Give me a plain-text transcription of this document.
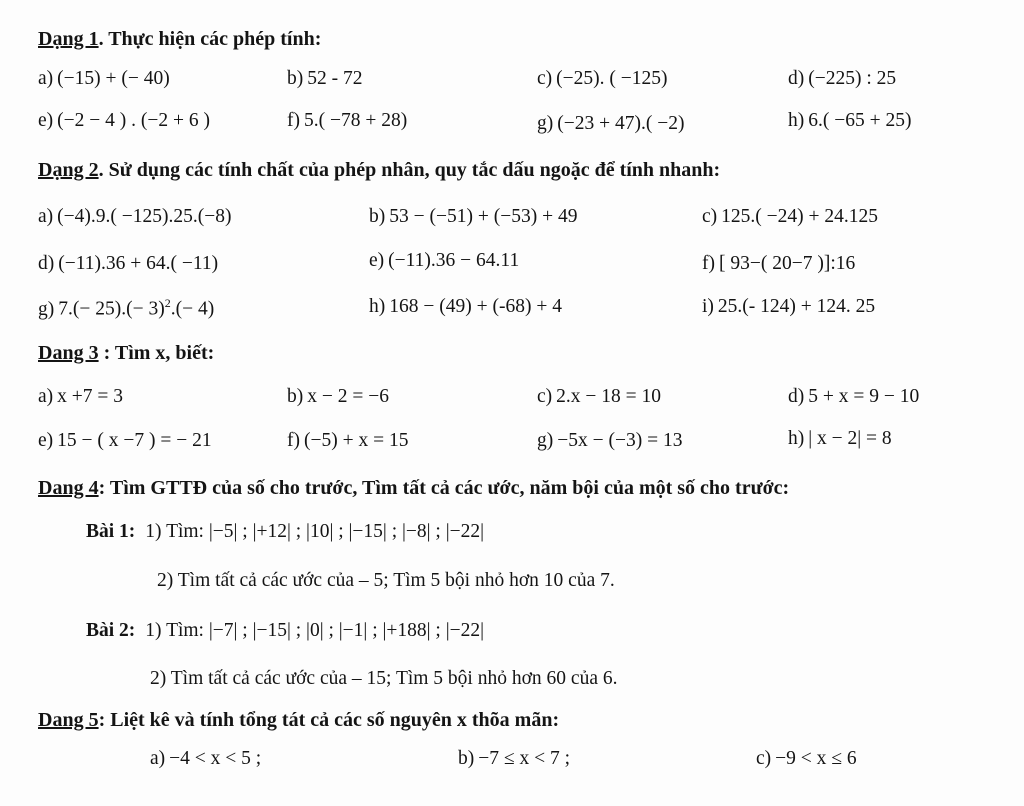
Dạng 1. Thực hiện các phép tính:
a) (−15) + (− 40)	b) 52 - 72	c) (−25). ( −125)	d) (−225) : 25
e) (−2 − 4 ) . (−2 + 6 )	f) 5.( −78 + 28)	g) (−23 + 47).( −2)	h) 6.( −65 + 25)
Dạng 2. Sử dụng các tính chất của phép nhân, quy tắc dấu ngoặc để tính nhanh:
a) (−4).9.( −125).25.(−8)	b) 53 − (−51) + (−53) + 49	c) 125.( −24) + 24.125
d) (−11).36 + 64.( −11)	e) (−11).36 − 64.11	f) [ 93−( 20−7 )]:16
g) $7.(- 25).(- 3)^2.(- 4)$	h) 168 − (49) + (-68) + 4	i) 25.(- 124) + 124. 25
Dang 3 : Tìm x, biết:
a) x +7 = 3	b) x − 2 = −6	c) 2.x − 18 = 10	d) 5 + x = 9 − 10
e) 15 − ( x −7 ) = − 21	f) (−5) + x = 15	g) −5x − (−3) = 13	h) | x − 2| = 8
Dang 4: Tìm GTTĐ của số cho trước, Tìm tất cả các ước, năm bội của một số cho trước:
Bài 1: 1) Tìm: |−5| ; |+12| ; |10| ; |−15| ; |−8| ; |−22|
2) Tìm tất cả các ước của – 5; Tìm 5 bội nhỏ hơn 10 của 7.
Bài 2: 1) Tìm: |−7| ; |−15| ; |0| ; |−1| ; |+188| ; |−22|
2) Tìm tất cả các ước của – 15; Tìm 5 bội nhỏ hơn 60 của 6.
Dang 5: Liệt kê và tính tổng tát cả các số nguyên x thõa mãn:
a) −4 < x < 5 ;	b) −7 ≤ x < 7 ;	c) −9 < x ≤ 6
